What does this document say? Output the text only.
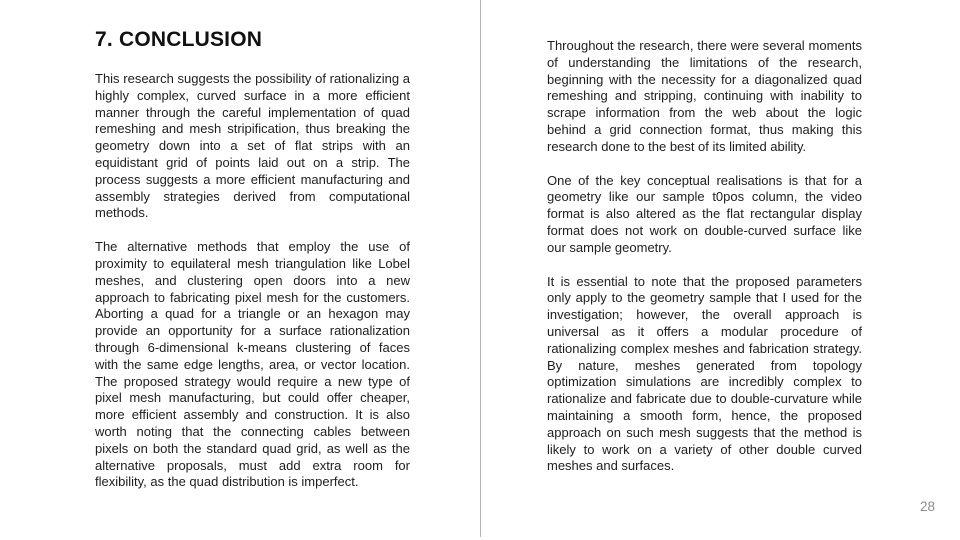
7. CONCLUSION

This research suggests the possibility of rationalizing a highly complex, curved surface in a more efficient manner through the careful implementation of quad remeshing and mesh stripification, thus breaking the geometry down into a set of flat strips with an equidistant grid of points laid out on a strip. The process suggests a more efficient manufacturing and assembly strategies derived from computational methods.

The alternative methods that employ the use of proximity to equilateral mesh triangulation like Lobel meshes, and clustering open doors into a new approach to fabricating pixel mesh for the customers. Aborting a quad for a triangle or an hexagon may provide an opportunity for a surface rationalization through 6-dimensional k-means clustering of faces with the same edge lengths, area, or vector location. The proposed strategy would require a new type of pixel mesh manufacturing, but could offer cheaper, more efficient assembly and construction. It is also worth noting that the connecting cables between pixels on both the standard quad grid, as well as the alternative proposals, must add extra room for flexibility, as the quad distribution is imperfect.

Throughout the research, there were several moments of understanding the limitations of the research, beginning with the necessity for a diagonalized quad remeshing and stripping, continuing with inability to scrape information from the web about the logic behind a grid connection format, thus making this research done to the best of its limited ability.

One of the key conceptual realisations is that for a geometry like our sample t0pos column, the video format is also altered as the flat rectangular display format does not work on double-curved surface like our sample geometry.

It is essential to note that the proposed parameters only apply to the geometry sample that I used for the investigation; however, the overall approach is universal as it offers a modular procedure of rationalizing complex meshes and fabrication strategy. By nature, meshes generated from topology optimization simulations are incredibly complex to rationalize and fabricate due to double-curvature while maintaining a smooth form, hence, the proposed approach on such mesh suggests that the method is likely to work on a variety of other double curved meshes and surfaces.

28
